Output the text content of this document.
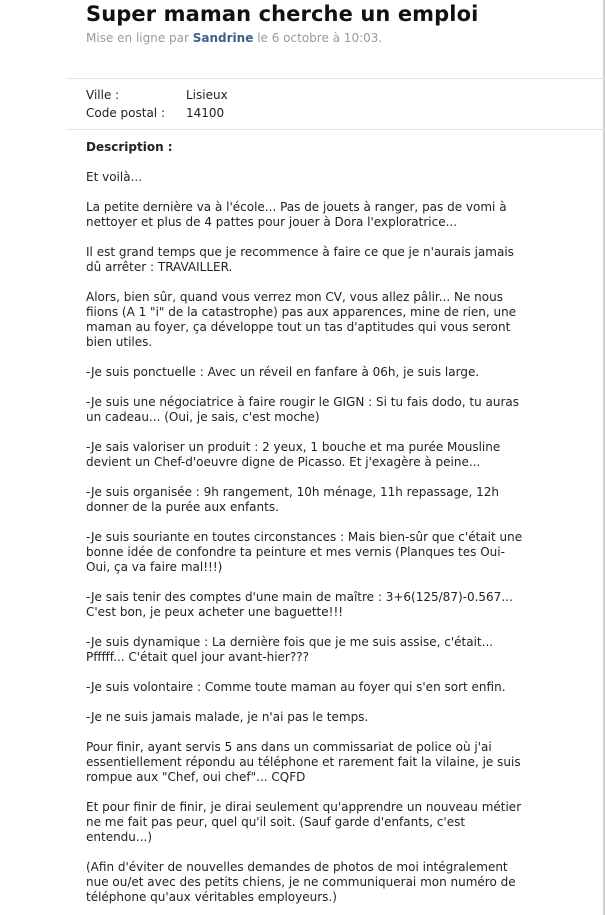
Super maman cherche un emploi
Mise en ligne par Sandrine le 6 octobre à 10:03.
Ville :	Lisieux
Code postal :	14100
Description :

Et voilà...

La petite dernière va à l'école... Pas de jouets à ranger, pas de vomi à nettoyer et plus de 4 pattes pour jouer à Dora l'exploratrice...

Il est grand temps que je recommence à faire ce que je n'aurais jamais dû arrêter : TRAVAILLER.

Alors, bien sûr, quand vous verrez mon CV, vous allez pâlir... Ne nous fiions (A 1 "i" de la catastrophe) pas aux apparences, mine de rien, une maman au foyer, ça développe tout un tas d'aptitudes qui vous seront bien utiles.

-Je suis ponctuelle : Avec un réveil en fanfare à 06h, je suis large.

-Je suis une négociatrice à faire rougir le GIGN : Si tu fais dodo, tu auras un cadeau... (Oui, je sais, c'est moche)

-Je sais valoriser un produit : 2 yeux, 1 bouche et ma purée Mousline devient un Chef-d'oeuvre digne de Picasso. Et j'exagère à peine...

-Je suis organisée : 9h rangement, 10h ménage, 11h repassage, 12h donner de la purée aux enfants.

-Je suis souriante en toutes circonstances : Mais bien-sûr que c'était une bonne idée de confondre ta peinture et mes vernis (Planques tes Oui-Oui, ça va faire mal!!!)

-Je sais tenir des comptes d'une main de maître : 3+6(125/87)-0.567... C'est bon, je peux acheter une baguette!!!

-Je suis dynamique : La dernière fois que je me suis assise, c'était... Pfffff... C'était quel jour avant-hier???

-Je suis volontaire : Comme toute maman au foyer qui s'en sort enfin.

-Je ne suis jamais malade, je n'ai pas le temps.

Pour finir, ayant servis 5 ans dans un commissariat de police où j'ai essentiellement répondu au téléphone et rarement fait la vilaine, je suis rompue aux "Chef, oui chef"... CQFD

Et pour finir de finir, je dirai seulement qu'apprendre un nouveau métier ne me fait pas peur, quel qu'il soit. (Sauf garde d'enfants, c'est entendu...)

(Afin d'éviter de nouvelles demandes de photos de moi intégralement nue ou/et avec des petits chiens, je ne communiquerai mon numéro de téléphone qu'aux véritables employeurs.)
